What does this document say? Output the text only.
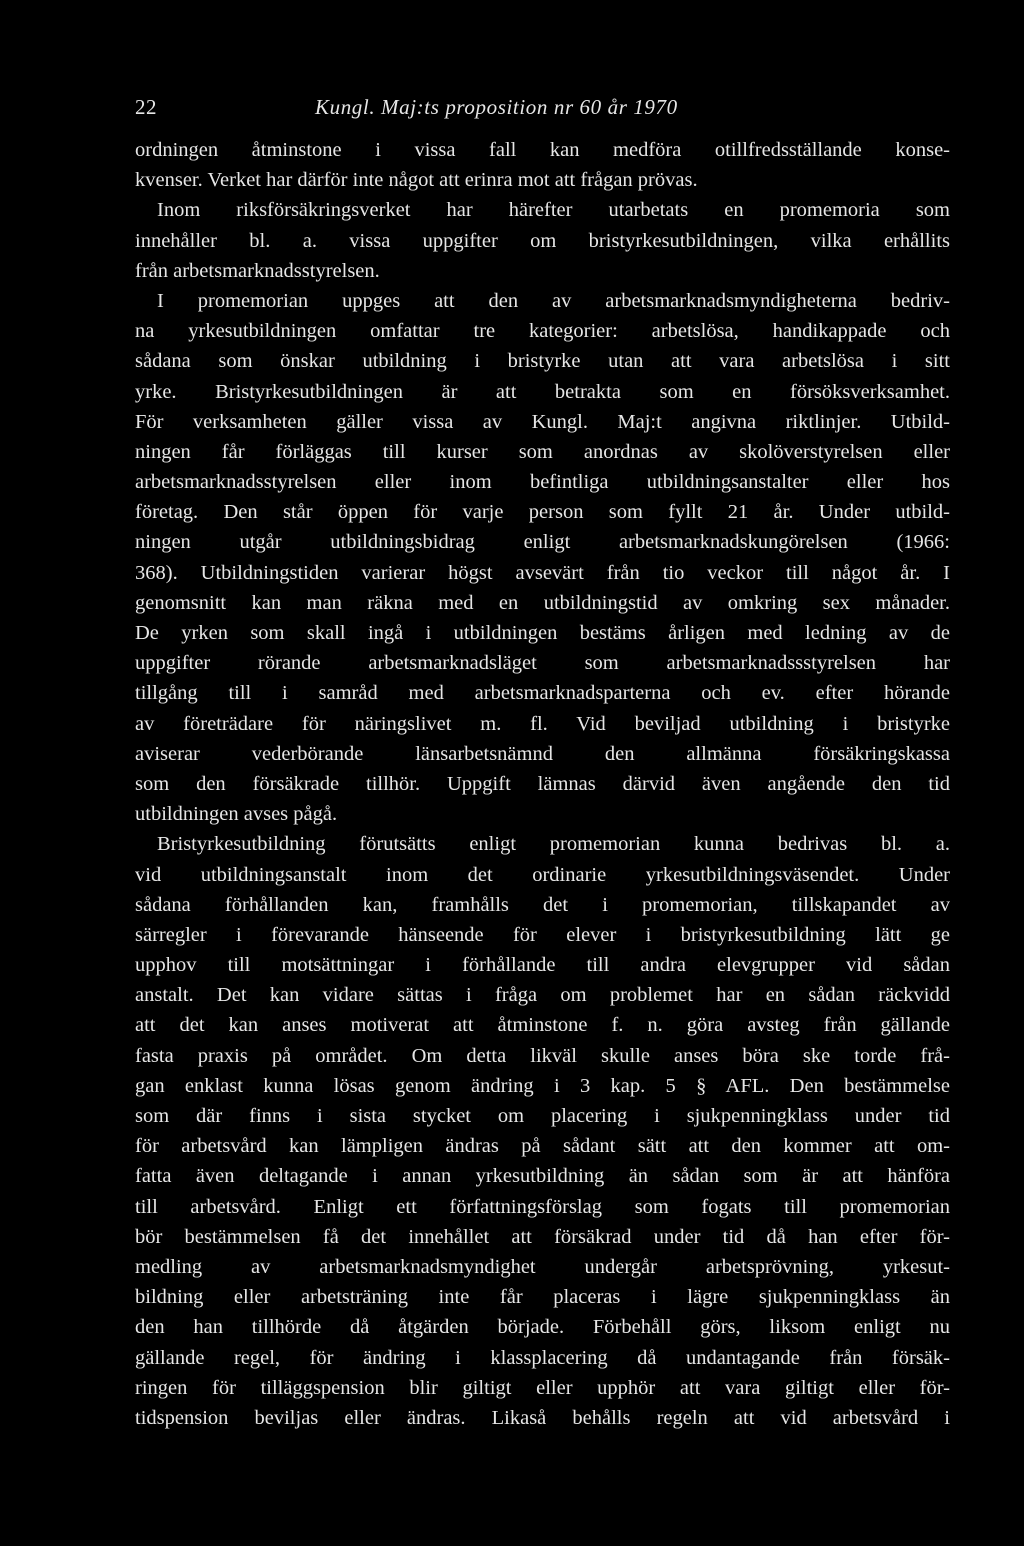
22	Kungl. Maj:ts proposition nr 60 år 1970
ordningen åtminstone i vissa fall kan medföra otillfredsställande konse-
kvenser. Verket har därför inte något att erinra mot att frågan prövas.
Inom riksförsäkringsverket har härefter utarbetats en promemoria som
innehåller bl. a. vissa uppgifter om bristyrkesutbildningen, vilka erhållits
från arbetsmarknadsstyrelsen.
I promemorian uppges att den av arbetsmarknadsmyndigheterna bedriv-
na yrkesutbildningen omfattar tre kategorier: arbetslösa, handikappade och
sådana som önskar utbildning i bristyrke utan att vara arbetslösa i sitt
yrke. Bristyrkesutbildningen är att betrakta som en försöksverksamhet.
För verksamheten gäller vissa av Kungl. Maj:t angivna riktlinjer. Utbild-
ningen får förläggas till kurser som anordnas av skolöverstyrelsen eller
arbetsmarknadsstyrelsen eller inom befintliga utbildningsanstalter eller hos
företag. Den står öppen för varje person som fyllt 21 år. Under utbild-
ningen utgår utbildningsbidrag enligt arbetsmarknadskungörelsen (1966:
368). Utbildningstiden varierar högst avsevärt från tio veckor till något år. I
genomsnitt kan man räkna med en utbildningstid av omkring sex månader.
De yrken som skall ingå i utbildningen bestäms årligen med ledning av de
uppgifter rörande arbetsmarknadsläget som arbetsmarknadssstyrelsen har
tillgång till i samråd med arbetsmarknadsparterna och ev. efter hörande
av företrädare för näringslivet m. fl. Vid beviljad utbildning i bristyrke
aviserar vederbörande länsarbetsnämnd den allmänna försäkringskassa
som den försäkrade tillhör. Uppgift lämnas därvid även angående den tid
utbildningen avses pågå.
Bristyrkesutbildning förutsätts enligt promemorian kunna bedrivas bl. a.
vid utbildningsanstalt inom det ordinarie yrkesutbildningsväsendet. Under
sådana förhållanden kan, framhålls det i promemorian, tillskapandet av
särregler i förevarande hänseende för elever i bristyrkesutbildning lätt ge
upphov till motsättningar i förhållande till andra elevgrupper vid sådan
anstalt. Det kan vidare sättas i fråga om problemet har en sådan räckvidd
att det kan anses motiverat att åtminstone f. n. göra avsteg från gällande
fasta praxis på området. Om detta likväl skulle anses böra ske torde frå-
gan enklast kunna lösas genom ändring i 3 kap. 5 § AFL. Den bestämmelse
som där finns i sista stycket om placering i sjukpenningklass under tid
för arbetsvård kan lämpligen ändras på sådant sätt att den kommer att om-
fatta även deltagande i annan yrkesutbildning än sådan som är att hänföra
till arbetsvård. Enligt ett författningsförslag som fogats till promemorian
bör bestämmelsen få det innehållet att försäkrad under tid då han efter för-
medling av arbetsmarknadsmyndighet undergår arbetsprövning, yrkesut-
bildning eller arbetsträning inte får placeras i lägre sjukpenningklass än
den han tillhörde då åtgärden började. Förbehåll görs, liksom enligt nu
gällande regel, för ändring i klassplacering då undantagande från försäk-
ringen för tilläggspension blir giltigt eller upphör att vara giltigt eller för-
tidspension beviljas eller ändras. Likaså behålls regeln att vid arbetsvård i
